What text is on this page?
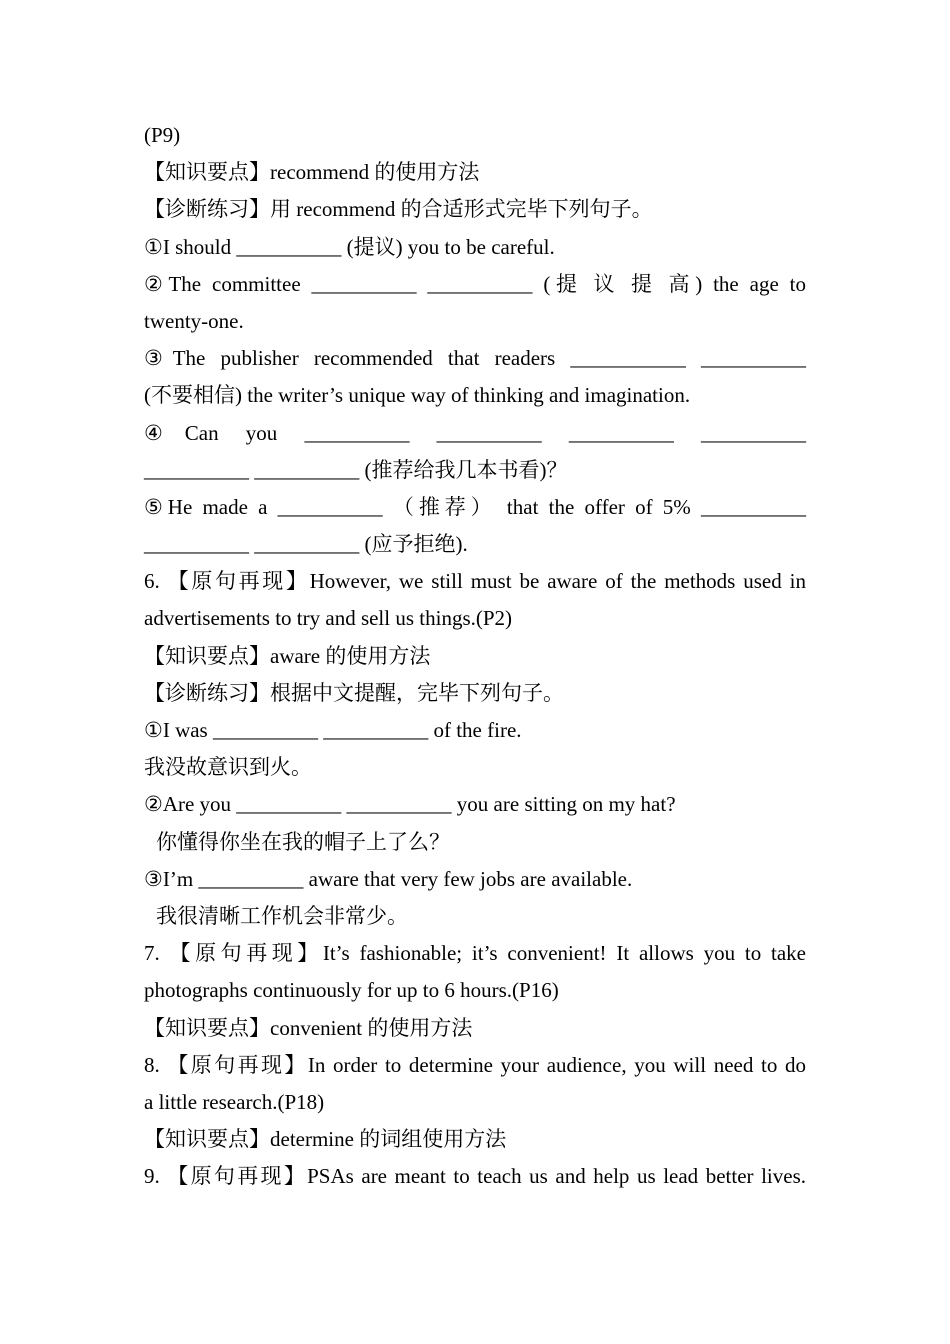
(P9)
【知识要点】recommend 的使用方法
【诊断练习】用 recommend 的合适形式完毕下列句子。
①I should __________ (提议) you to be careful.
②The committee __________ __________ (提 议 提 高) the age to
twenty-one.
③The publisher recommended that readers ___________ __________
(不要相信) the writer’s unique way of thinking and imagination.
④Can you __________ __________ __________ __________
__________ __________ (推荐给我几本书看)？
⑤He made a __________ （推荐） that the offer of 5% __________
__________ __________ (应予拒绝).
6. 【原句再现】However, we still must be aware of the methods used in
advertisements to try and sell us things.(P2)
【知识要点】aware 的使用方法
【诊断练习】根据中文提醒，完毕下列句子。
①I was __________ __________ of the fire.
我没故意识到火。
②Are you __________ __________ you are sitting on my hat?
你懂得你坐在我的帽子上了么？
③I’m __________ aware that very few jobs are available.
我很清晰工作机会非常少。
7. 【原句再现】It’s fashionable; it’s convenient! It allows you to take
photographs continuously for up to 6 hours.(P16)
【知识要点】convenient 的使用方法
8. 【原句再现】In order to determine your audience, you will need to do
a little research.(P18)
【知识要点】determine 的词组使用方法
9. 【原句再现】PSAs are meant to teach us and help us lead better lives.
